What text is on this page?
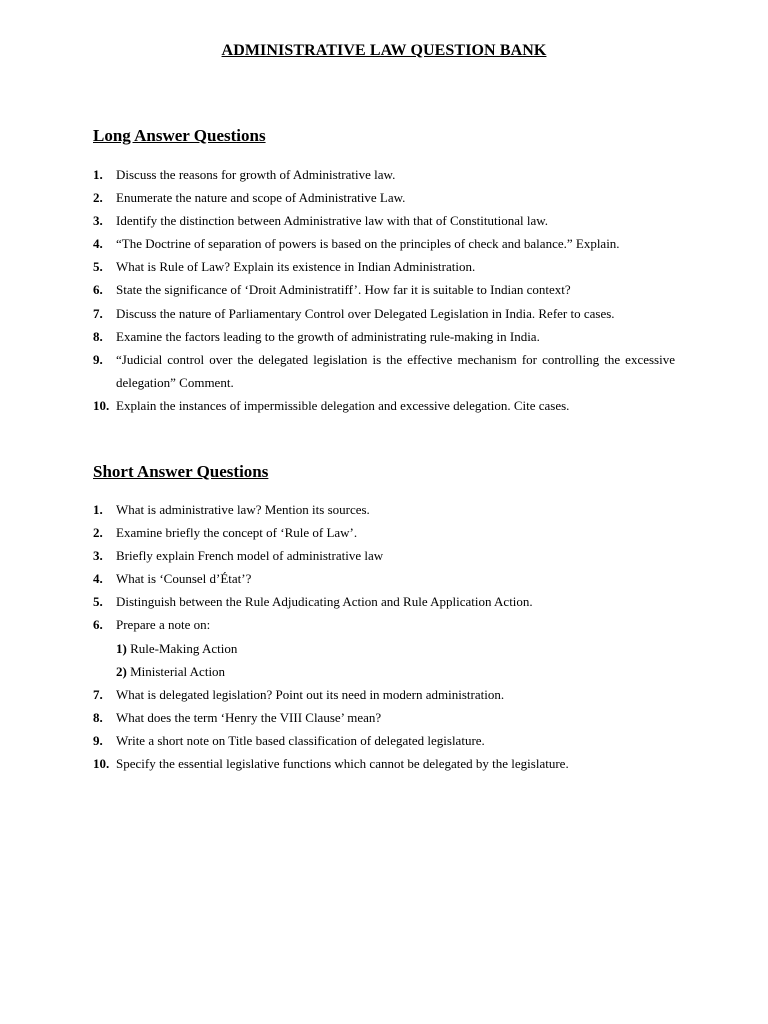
ADMINISTRATIVE LAW QUESTION BANK
Long Answer Questions
1.	Discuss the reasons for growth of Administrative law.
2.	Enumerate the nature and scope of Administrative Law.
3.	Identify the distinction between Administrative law with that of Constitutional law.
4.	“The Doctrine of separation of powers is based on the principles of check and balance.” Explain.
5.	What is Rule of Law? Explain its existence in Indian Administration.
6.	State the significance of ‘Droit Administratiff’. How far it is suitable to Indian context?
7.	Discuss the nature of Parliamentary Control over Delegated Legislation in India. Refer to cases.
8.	Examine the factors leading to the growth of administrating rule-making in India.
9.	“Judicial control over the delegated legislation is the effective mechanism for controlling the excessive delegation” Comment.
10. Explain the instances of impermissible delegation and excessive delegation. Cite cases.
Short Answer Questions
1.	What is administrative law? Mention its sources.
2.	Examine briefly the concept of ‘Rule of Law’.
3.	Briefly explain French model of administrative law
4.	What is ‘Counsel d’État’?
5.	Distinguish between the Rule Adjudicating Action and Rule Application Action.
6.	Prepare a note on:
1) Rule-Making Action
2) Ministerial Action
7.	What is delegated legislation? Point out its need in modern administration.
8.	What does the term ‘Henry the VIII Clause’ mean?
9.	Write a short note on Title based classification of delegated legislature.
10. Specify the essential legislative functions which cannot be delegated by the legislature.
